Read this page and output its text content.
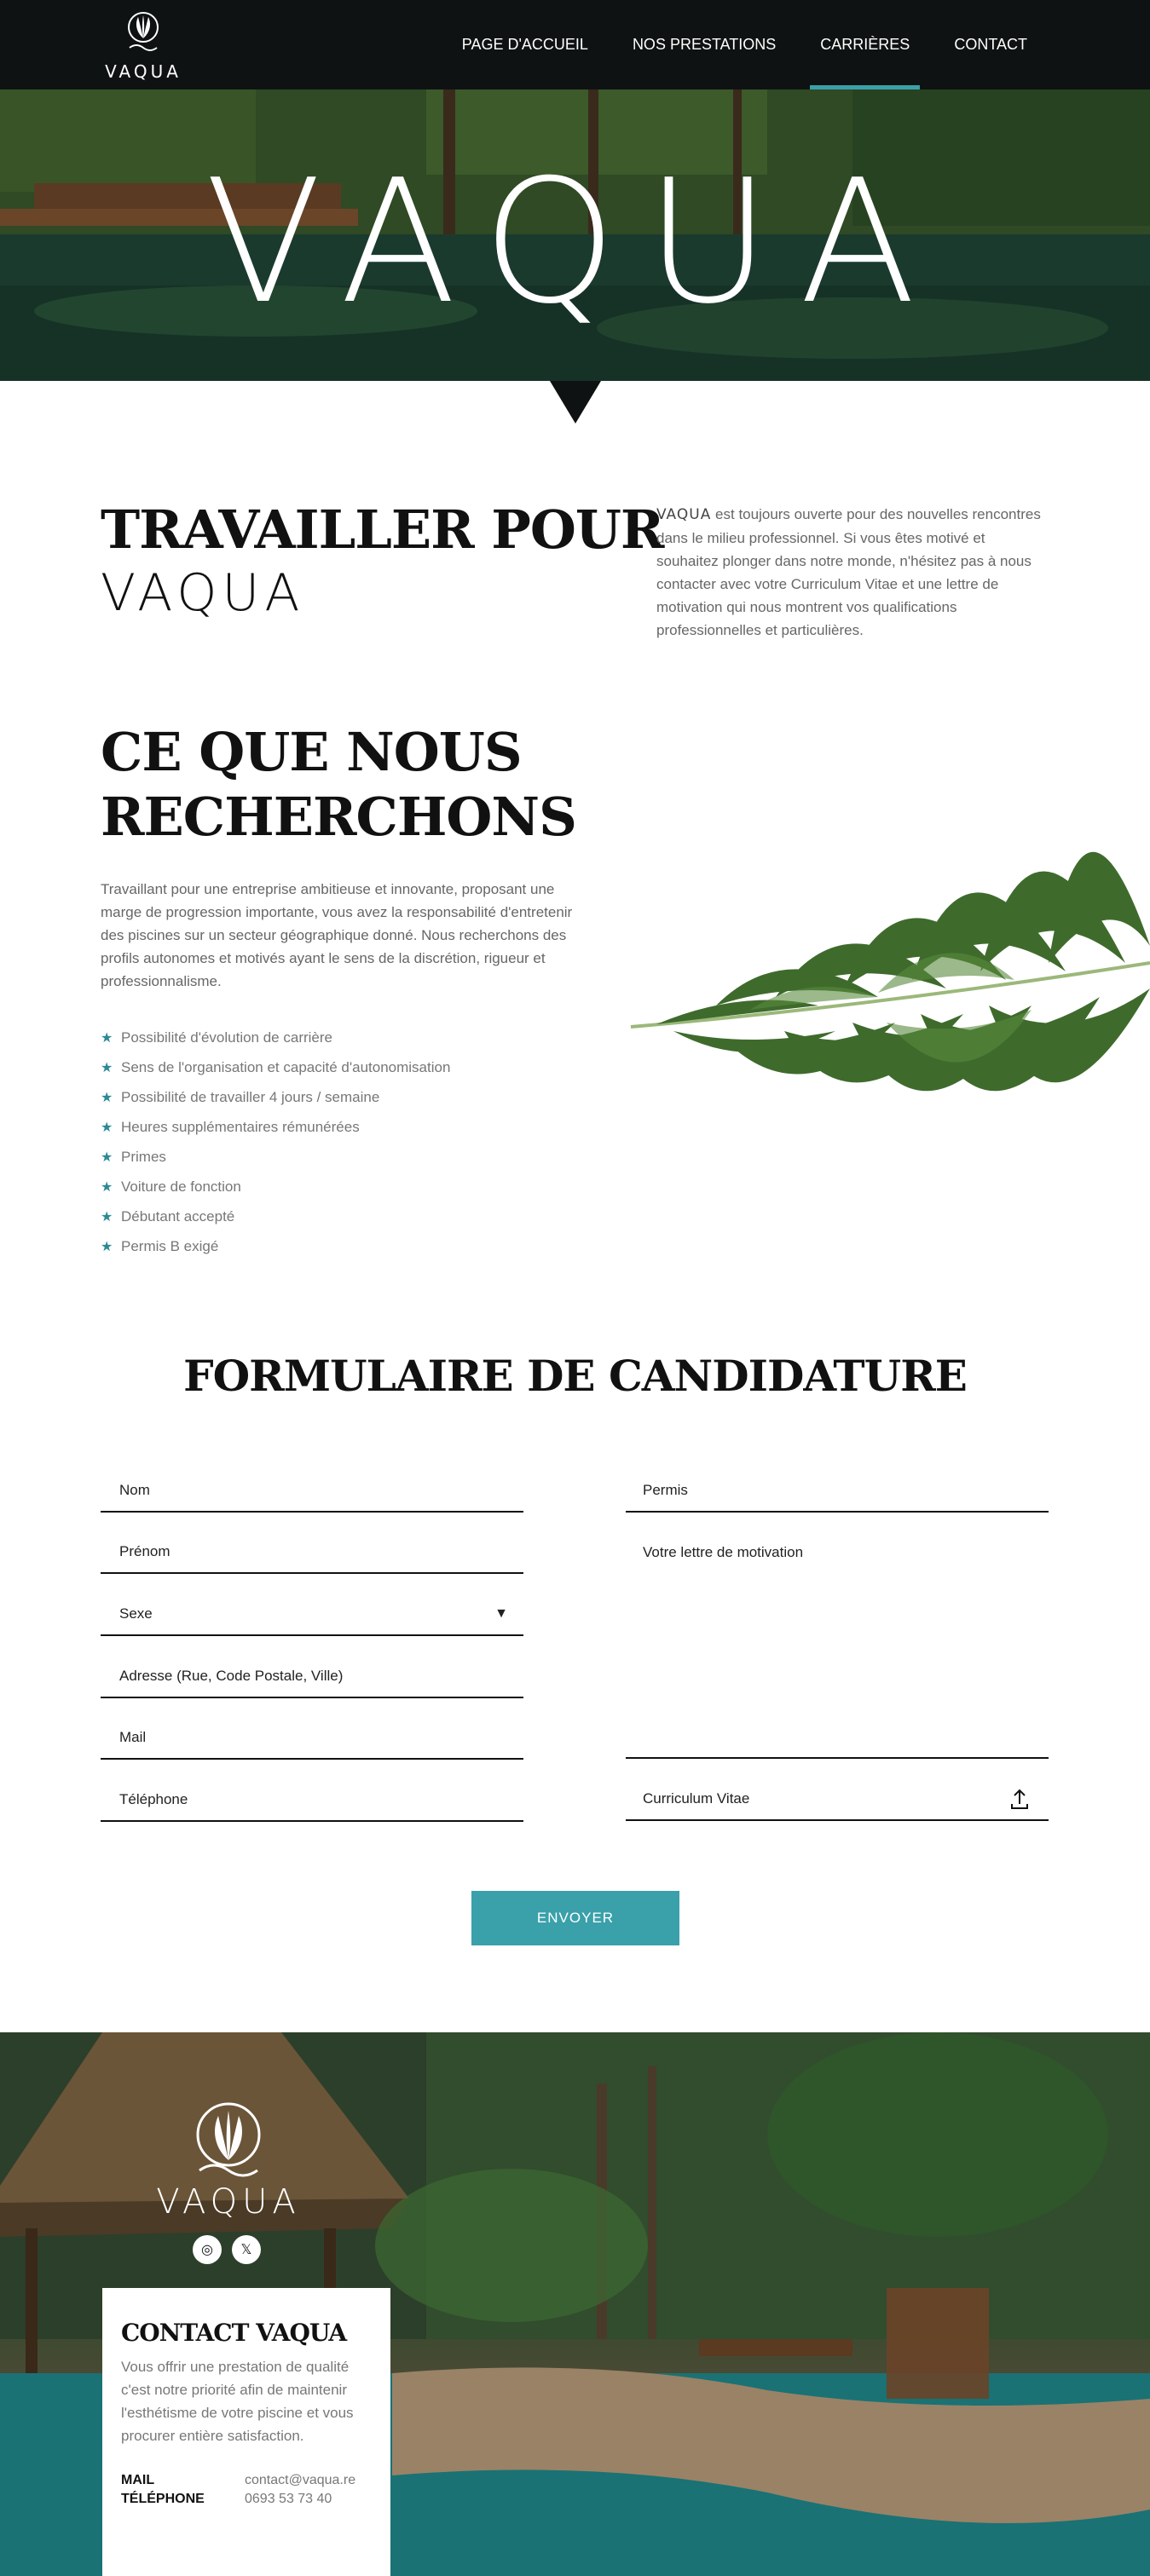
VAQUA
PAGE D'ACCUEIL	NOS PRESTATIONS	CARRIÈRES	CONTACT
VAQUA
TRAVAILLER POUR
VAQUA

VAQUA est toujours ouverte pour des nouvelles rencontres dans le milieu professionnel. Si vous êtes motivé et souhaitez plonger dans notre monde, n'hésitez pas à nous contacter avec votre Curriculum Vitae et une lettre de motivation qui nous montrent vos qualifications professionnelles et particulières.

CE QUE NOUS
RECHERCHONS

Travaillant pour une entreprise ambitieuse et innovante, proposant une marge de progression importante, vous avez la responsabilité d'entretenir des piscines sur un secteur géographique donné. Nous recherchons des profils autonomes et motivés ayant le sens de la discrétion, rigueur et professionnalisme.

★ Possibilité d'évolution de carrière
★ Sens de l'organisation et capacité d'autonomisation
★ Possibilité de travailler 4 jours / semaine
★ Heures supplémentaires rémunérées
★ Primes
★ Voiture de fonction
★ Débutant accepté
★ Permis B exigé
FORMULAIRE DE CANDIDATURE
Nom
Prénom
Sexe	▼
Adresse (Rue, Code Postale, Ville)
Mail
Téléphone
Permis
Votre lettre de motivation
Curriculum Vitae
ENVOYER
VAQUA
◎	𝕏
CONTACT VAQUA

Vous offrir une prestation de qualité c'est notre priorité afin de maintenir l'esthétisme de votre piscine et vous procurer entière satisfaction.

MAIL	contact@vaqua.re
TÉLÉPHONE	0693 53 73 40
